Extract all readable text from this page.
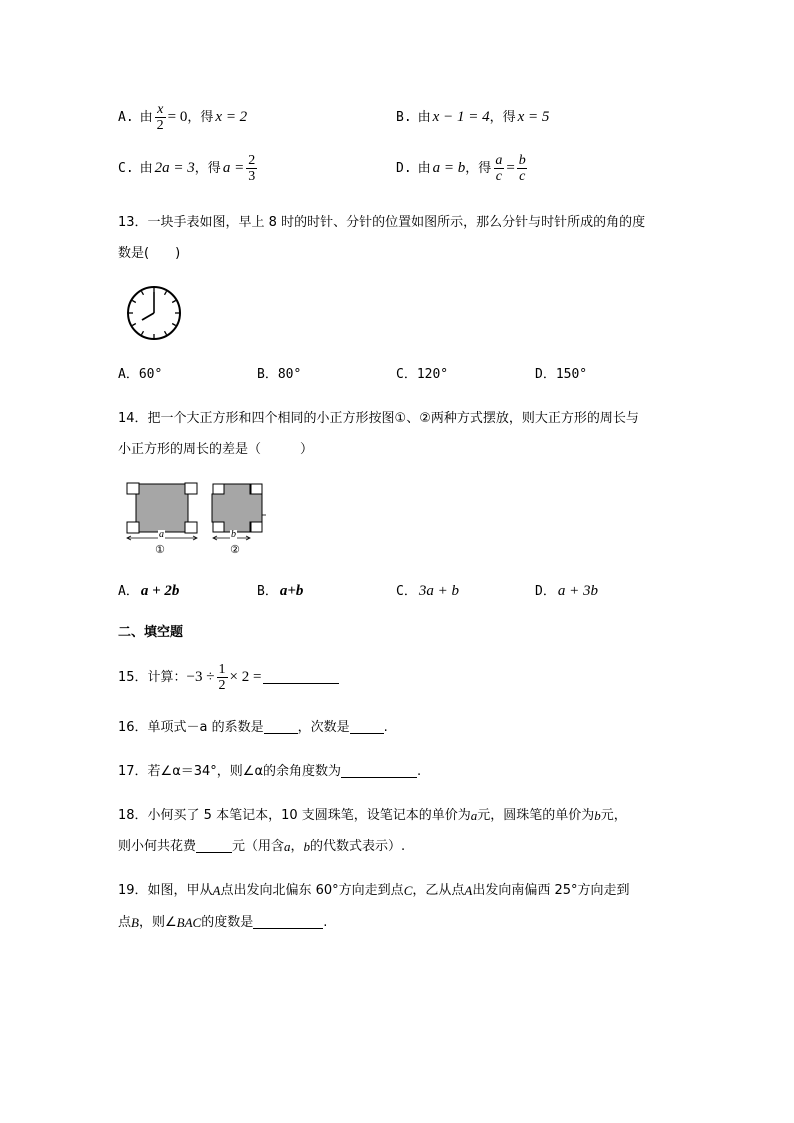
A. 由 $\frac{x}{2} = 0$ ，得 x = 2	B. 由 x − 1 = 4 ，得 x = 5
C. 由 2a = 3 ，得 $a = \frac{2}{3}$	D. 由 a = b ，得 $\frac{a}{c} = \frac{b}{c}$
13．一块手表如图，早上 8 时的时针、分针的位置如图所示，那么分针与时针所成的角的度
数是(　　)
A．60°	B．80°	C．120°	D．150°
14．把一个大正方形和四个相同的小正方形按图①、②两种方式摆放，则大正方形的周长与
小正方形的周长的差是（　　　）
a
①
b
②
A． a + 2b	B． a+b	C． 3a + b	D． a + 3b
二、填空题
15．计算： $-3 \div \frac{1}{2} \times 2$ =
16．单项式－a 的系数是	，次数是	.
17．若∠α＝34°，则∠α的余角度数为	.
18．小何买了 5 本笔记本，10 支圆珠笔，设笔记本的单价为 a 元，圆珠笔的单价为 b 元，
则小何共花费	元（用含 a ， b 的代数式表示）.
19．如图，甲从 A 点出发向北偏东 60°方向走到点 C ，乙从点 A 出发向南偏西 25°方向走到
点 B ，则∠ BAC 的度数是	.
